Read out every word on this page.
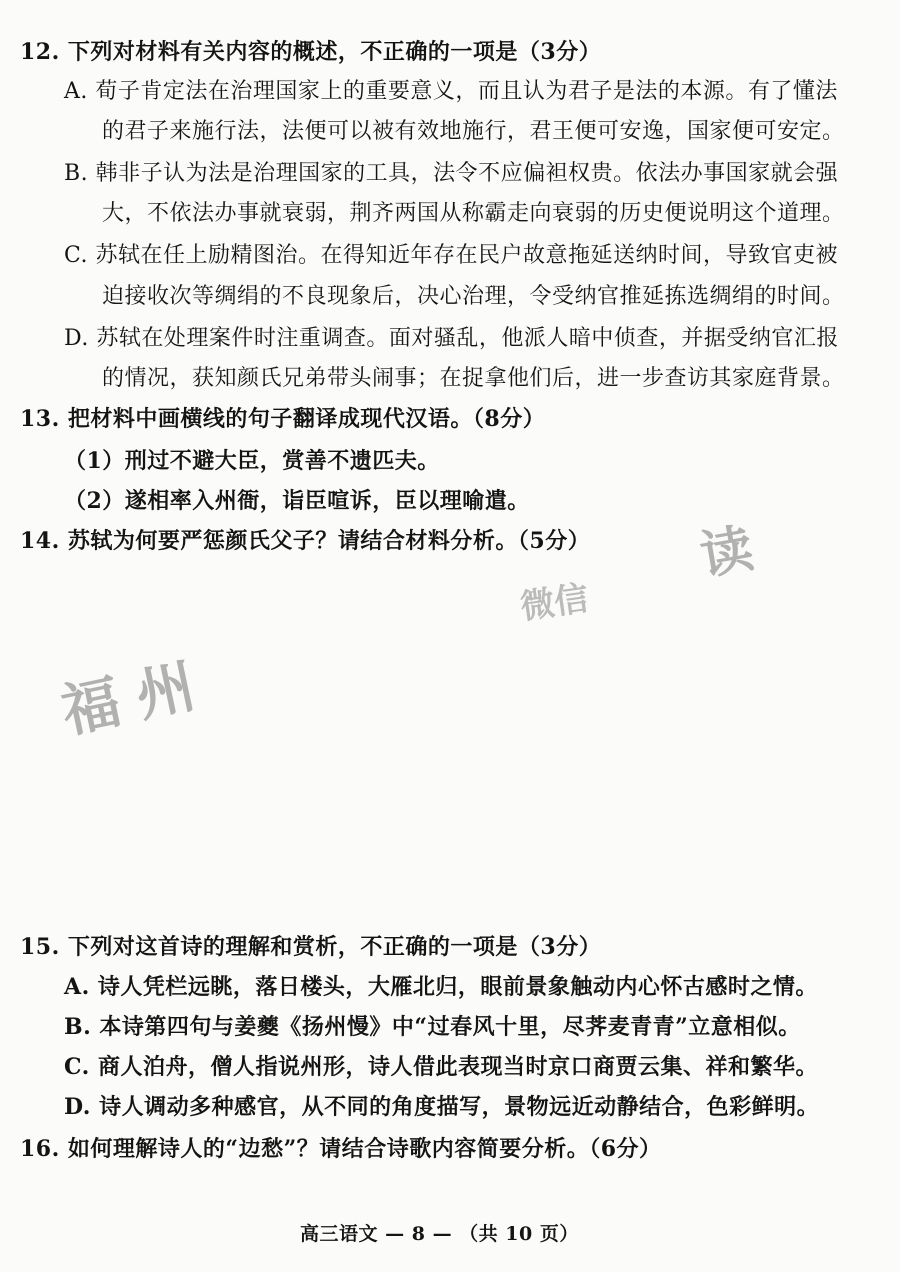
12. 下列对材料有关内容的概述，不正确的一项是（3分）
A. 荀子肯定法在治理国家上的重要意义，而且认为君子是法的本源。有了懂法
的君子来施行法，法便可以被有效地施行，君王便可安逸，国家便可安定。
B. 韩非子认为法是治理国家的工具，法令不应偏袒权贵。依法办事国家就会强
大，不依法办事就衰弱，荆齐两国从称霸走向衰弱的历史便说明这个道理。
C. 苏轼在任上励精图治。在得知近年存在民户故意拖延送纳时间，导致官吏被
迫接收次等绸绢的不良现象后，决心治理，令受纳官推延拣选绸绢的时间。
D. 苏轼在处理案件时注重调查。面对骚乱，他派人暗中侦查，并据受纳官汇报
的情况，获知颜氏兄弟带头闹事；在捉拿他们后，进一步查访其家庭背景。
13. 把材料中画横线的句子翻译成现代汉语。（8分）
（1）刑过不避大臣，赏善不遗匹夫。
（2）遂相率入州衙，诣臣喧诉，臣以理喻遣。
14. 苏轼为何要严惩颜氏父子？请结合材料分析。（5分）
15. 下列对这首诗的理解和赏析，不正确的一项是（3分）
A. 诗人凭栏远眺，落日楼头，大雁北归，眼前景象触动内心怀古感时之情。
B. 本诗第四句与姜夔《扬州慢》中“过春风十里，尽荠麦青青”立意相似。
C. 商人泊舟，僧人指说州形，诗人借此表现当时京口商贾云集、祥和繁华。
D. 诗人调动多种感官，从不同的角度描写，景物远近动静结合，色彩鲜明。
16. 如何理解诗人的“边愁”？请结合诗歌内容简要分析。（6分）
高三语文 — 8 — （共 10 页）
福州
微信
读
